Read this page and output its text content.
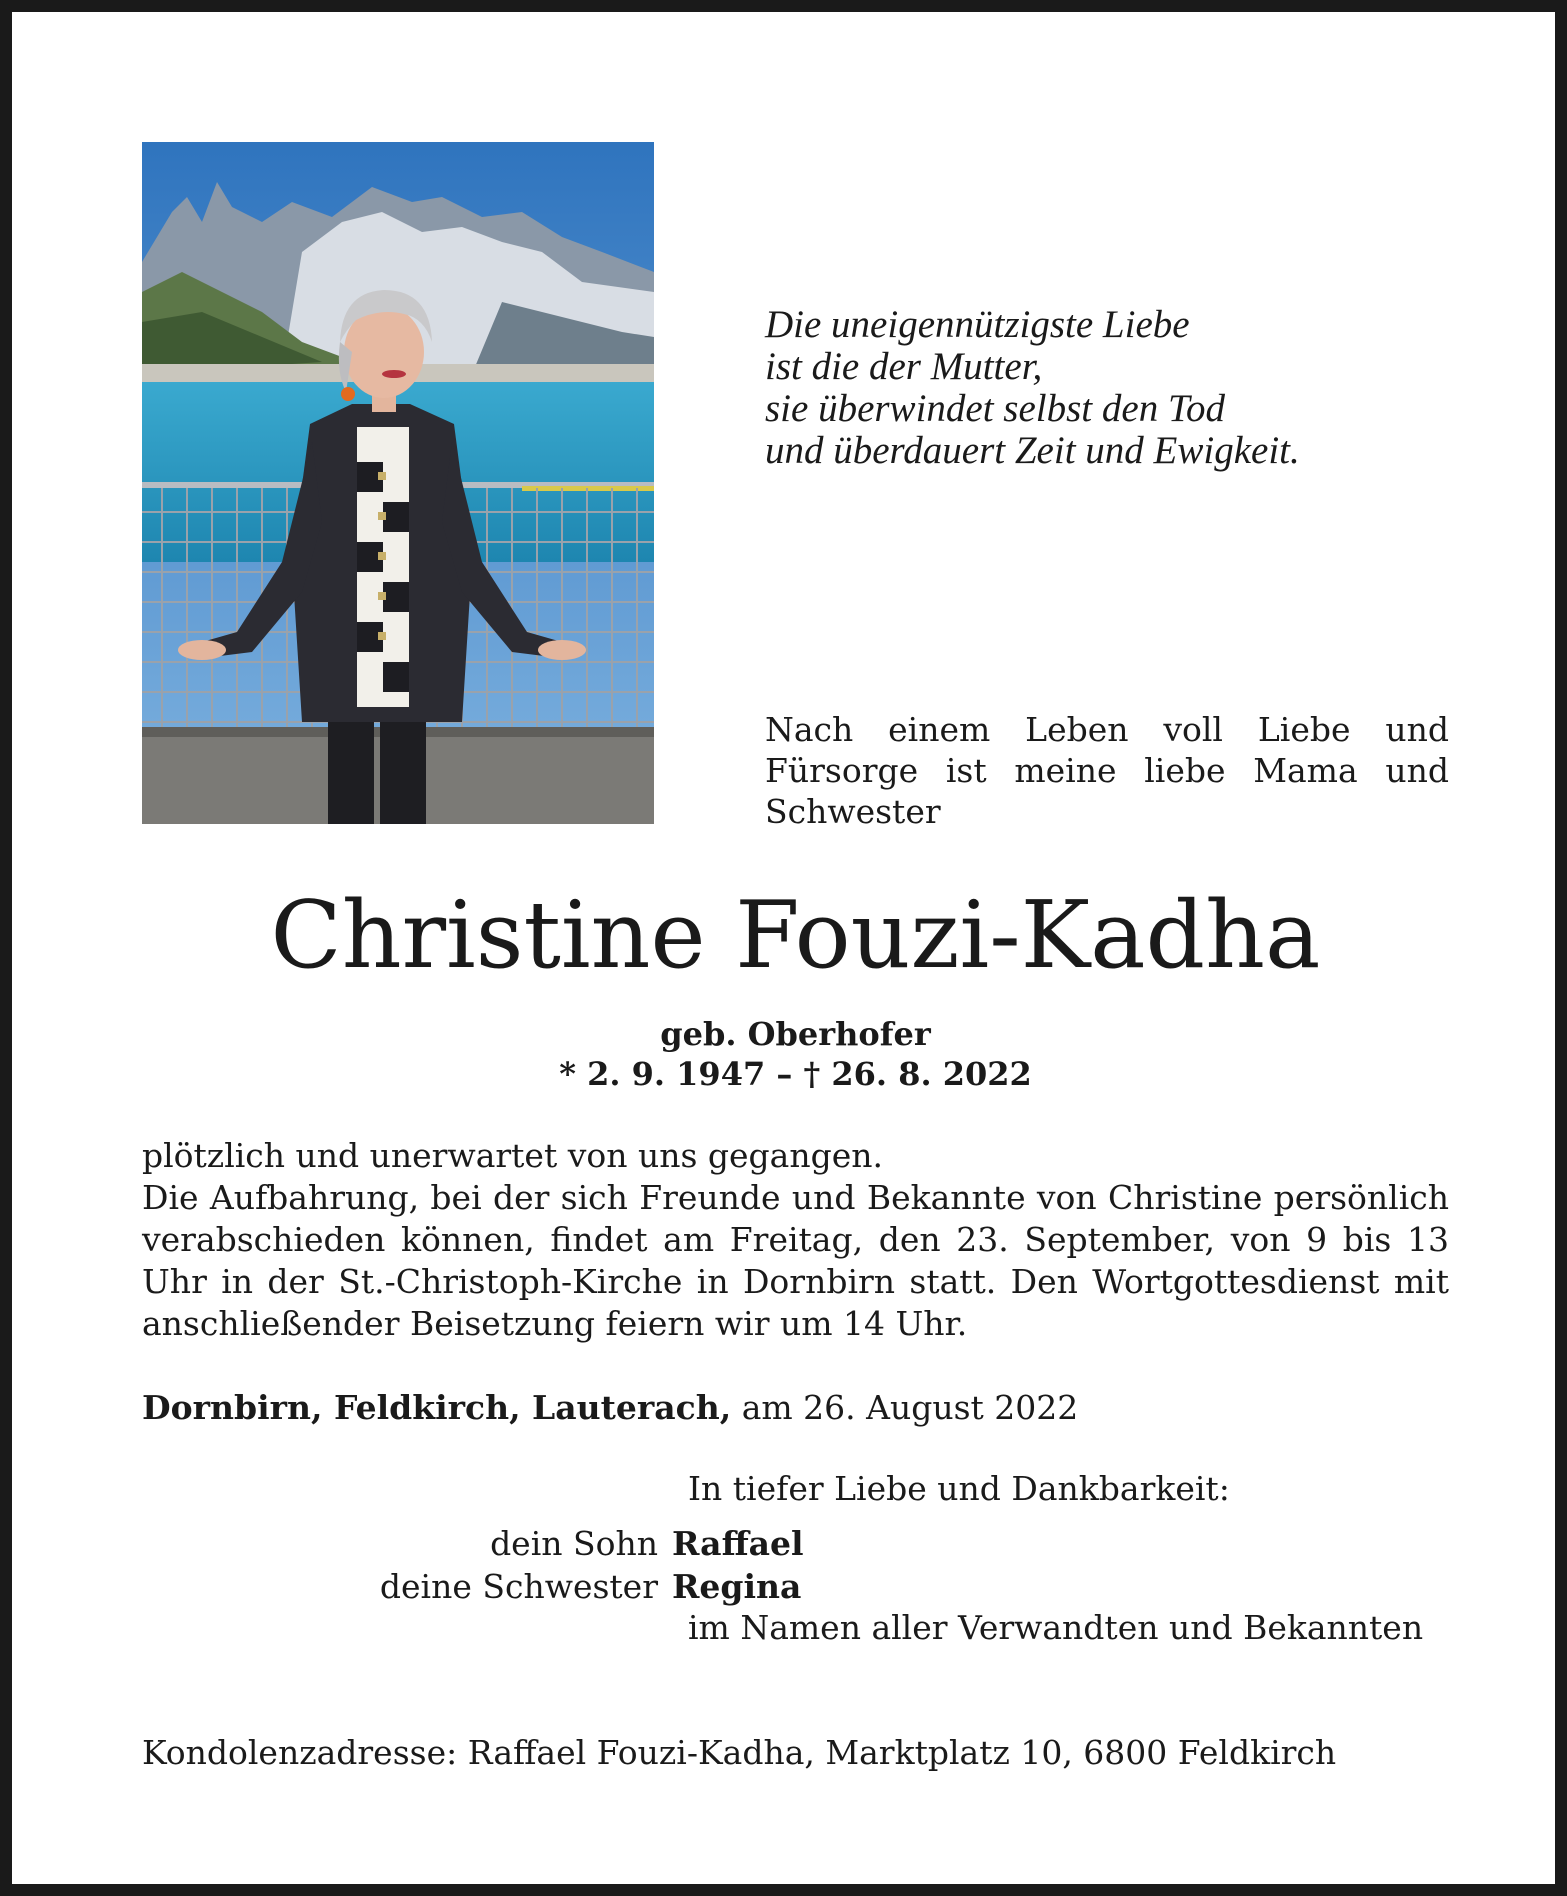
Die uneigennützigste Liebe
ist die der Mutter,
sie überwindet selbst den Tod
und überdauert Zeit und Ewigkeit.
Nach einem Leben voll Liebe und Fürsorge ist meine liebe Mama und Schwester
Christine Fouzi-Kadha
geb. Oberhofer
* 2. 9. 1947 – † 26. 8. 2022

plötzlich und unerwartet von uns gegangen.

Die Aufbahrung, bei der sich Freunde und Bekannte von Christine persönlich verabschieden können, findet am Freitag, den 23. September, von 9 bis 13 Uhr in der St.-Christoph-Kirche in Dornbirn statt. Den Wortgottesdienst mit anschließender Beisetzung feiern wir um 14 Uhr.

Dornbirn, Feldkirch, Lauterach, am 26. August 2022
In tiefer Liebe und Dankbarkeit:
dein Sohn Raffael
deine Schwester Regina
im Namen aller Verwandten und Bekannten
Kondolenzadresse: Raffael Fouzi-Kadha, Marktplatz 10, 6800 Feldkirch
